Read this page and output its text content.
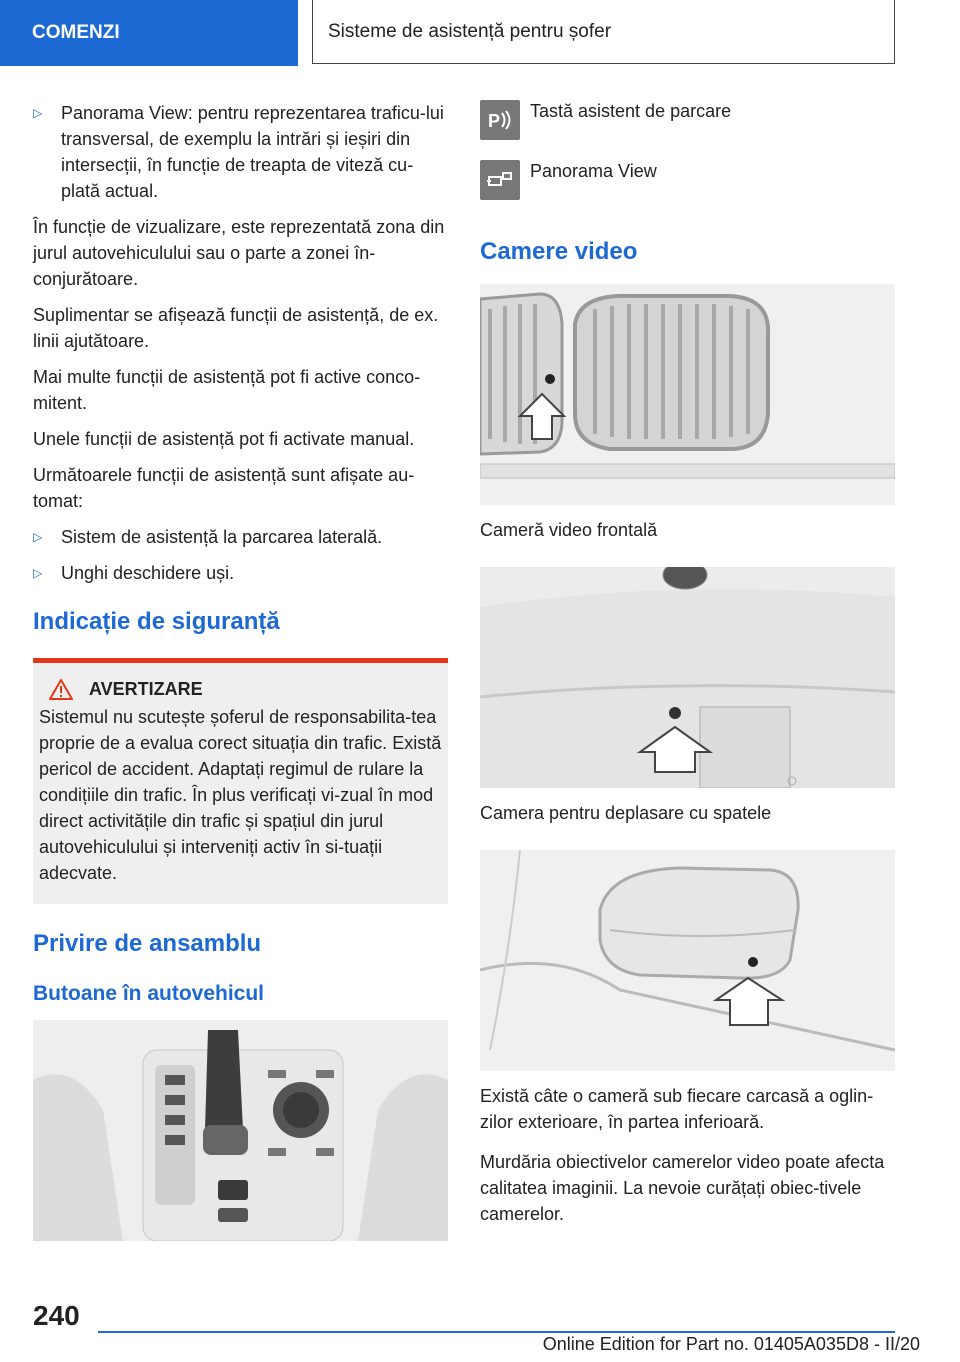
COMENZI	Sisteme de asistență pentru șofer
▷	Panorama View: pentru reprezentarea traficu-lui transversal, de exemplu la intrări și ieșiri din intersecții, în funcție de treapta de viteză cu-plată actual.

În funcție de vizualizare, este reprezentată zona din jurul autovehiculului sau o parte a zonei în-conjurătoare.

Suplimentar se afișează funcții de asistență, de ex. linii ajutătoare.

Mai multe funcții de asistență pot fi active conco-mitent.

Unele funcții de asistență pot fi activate manual.

Următoarele funcții de asistență sunt afișate au-tomat:

▷	Sistem de asistență la parcarea laterală.
▷	Unghi deschidere uși.
Indicație de siguranță
AVERTIZARE

Sistemul nu scutește șoferul de responsabilita-tea proprie de a evalua corect situația din trafic. Există pericol de accident. Adaptați regimul de rulare la condițiile din trafic. În plus verificați vi-zual în mod direct activitățile din trafic și spațiul din jurul autovehiculului și interveniți activ în si-tuații adecvate.

Privire de ansamblu
Butoane în autovehicul
P Tastă asistent de parcare
Panorama View
Camere video

Cameră video frontală

Camera pentru deplasare cu spatele

Există câte o cameră sub fiecare carcasă a oglin-zilor exterioare, în partea inferioară.

Murdăria obiectivelor camerelor video poate afecta calitatea imaginii. La nevoie curățați obiec-tivele camerelor.

240
Online Edition for Part no. 01405A035D8 - II/20
